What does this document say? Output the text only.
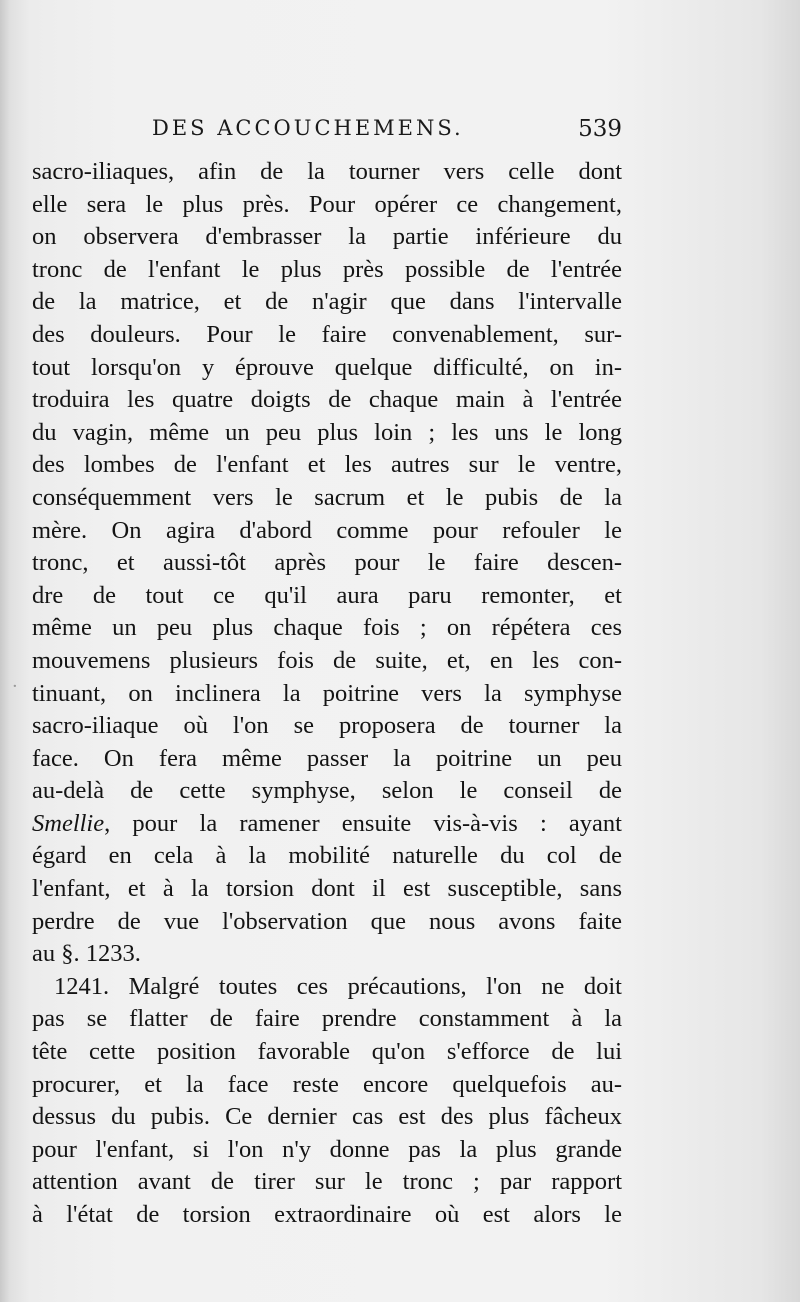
DES ACCOUCHEMENS.	539
sacro-iliaques, afin de la tourner vers celle dont
elle sera le plus près. Pour opérer ce changement,
on observera d'embrasser la partie inférieure du
tronc de l'enfant le plus près possible de l'entrée
de la matrice, et de n'agir que dans l'intervalle
des douleurs. Pour le faire convenablement, sur-
tout lorsqu'on y éprouve quelque difficulté, on in-
troduira les quatre doigts de chaque main à l'entrée
du vagin, même un peu plus loin ; les uns le long
des lombes de l'enfant et les autres sur le ventre,
conséquemment vers le sacrum et le pubis de la
mère. On agira d'abord comme pour refouler le
tronc, et aussi-tôt après pour le faire descen-
dre de tout ce qu'il aura paru remonter, et
même un peu plus chaque fois ; on répétera ces
mouvemens plusieurs fois de suite, et, en les con-
tinuant, on inclinera la poitrine vers la symphyse
sacro-iliaque où l'on se proposera de tourner la
face. On fera même passer la poitrine un peu
au-delà de cette symphyse, selon le conseil de
Smellie, pour la ramener ensuite vis-à-vis : ayant
égard en cela à la mobilité naturelle du col de
l'enfant, et à la torsion dont il est susceptible, sans
perdre de vue l'observation que nous avons faite
au §. 1233.
1241. Malgré toutes ces précautions, l'on ne doit
pas se flatter de faire prendre constamment à la
tête cette position favorable qu'on s'efforce de lui
procurer, et la face reste encore quelquefois au-
dessus du pubis. Ce dernier cas est des plus fâcheux
pour l'enfant, si l'on n'y donne pas la plus grande
attention avant de tirer sur le tronc ; par rapport
à l'état de torsion extraordinaire où est alors le
·
